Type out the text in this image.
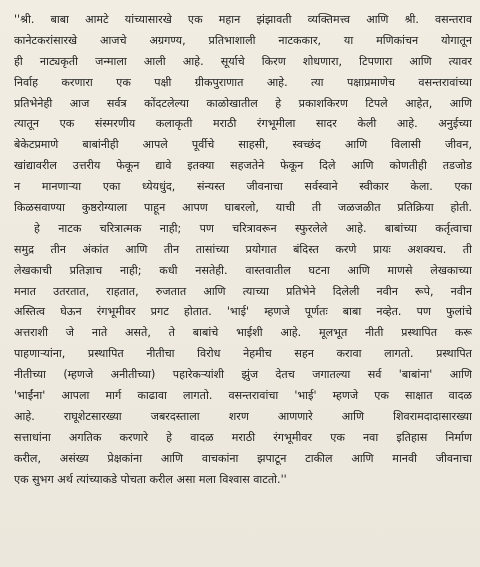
''श्री. बाबा आमटे यांच्यासारखे एक महान झंझावती व्यक्तिमत्त्व आणि श्री. वसन्तराव
कानेटकरांसारखे आजचे अग्रगण्य, प्रतिभाशाली नाटककार, या मणिकांचन योगातून
ही नाट्यकृती जन्माला आली आहे. सूर्याचे किरण शोधणारा, टिपणारा आणि त्यावर
निर्वाह करणारा एक पक्षी ग्रीकपुराणात आहे. त्या पक्षाप्रमाणेच वसन्तरावांच्या
प्रतिभेनेही आज सर्वत्र कोंदटलेल्या काळोखातील हे प्रकाशकिरण टिपले आहेत, आणि
त्यातून एक संस्मरणीय कलाकृती मराठी रंगभूमीला सादर केली आहे. अनुईच्या
बेकेटप्रमाणे बाबांनीही आपले पूर्वीचे साहसी, स्वच्छंद आणि विलासी जीवन,
खांद्यावरील उत्तरीय फेकून द्यावे इतक्या सहजतेने फेकून दिले आणि कोणतीही तडजोड
न मानणाऱ्या एका ध्येयधुंद, संन्यस्त जीवनाचा सर्वस्वाने स्वीकार केला. एका
किळसवाण्या कुष्ठरोग्याला पाहून आपण घाबरलो, याची ती जळजळीत प्रतिक्रिया होती.
हे नाटक चरित्रात्मक नाही; पण चरित्रावरून स्फुरलेले आहे. बाबांच्या कर्तृत्वाचा
समुद्र तीन अंकांत आणि तीन तासांच्या प्रयोगात बंदिस्त करणे प्रायः अशक्यच. ती
लेखकाची प्रतिज्ञाच नाही; कधी नसतेही. वास्तवातील घटना आणि माणसे लेखकाच्या
मनात उतरतात, राहतात, रुजतात आणि त्याच्या प्रतिभेने दिलेली नवीन रूपे, नवीन
अस्तित्व घेऊन रंगभूमीवर प्रगट होतात. 'भाई' म्हणजे पूर्णतः बाबा नव्हेत. पण फुलांचे
अत्तराशी जे नाते असते, ते बाबांचे भाईशी आहे. मूलभूत नीती प्रस्थापित करू
पाहणाऱ्यांना, प्रस्थापित नीतीचा विरोध नेहमीच सहन करावा लागतो. प्रस्थापित
नीतीच्या (म्हणजे अनीतीच्या) पहारेकऱ्यांशी झुंज देतच जगातल्या सर्व 'बाबांना' आणि
'भाईंना' आपला मार्ग काढावा लागतो. वसन्तरावांचा 'भाई' म्हणजे एक साक्षात वादळ
आहे. राघूशेटसारख्या जबरदस्ताला शरण आणणारे आणि शिवरामदादासारख्या
सत्ताधांना अगतिक करणारे हे वादळ मराठी रंगभूमीवर एक नवा इतिहास निर्माण
करील, असंख्य प्रेक्षकांना आणि वाचकांना झपाटून टाकील आणि मानवी जीवनाचा
एक सुभग अर्थ त्यांच्याकडे पोचता करील असा मला विश्वास वाटतो.''
